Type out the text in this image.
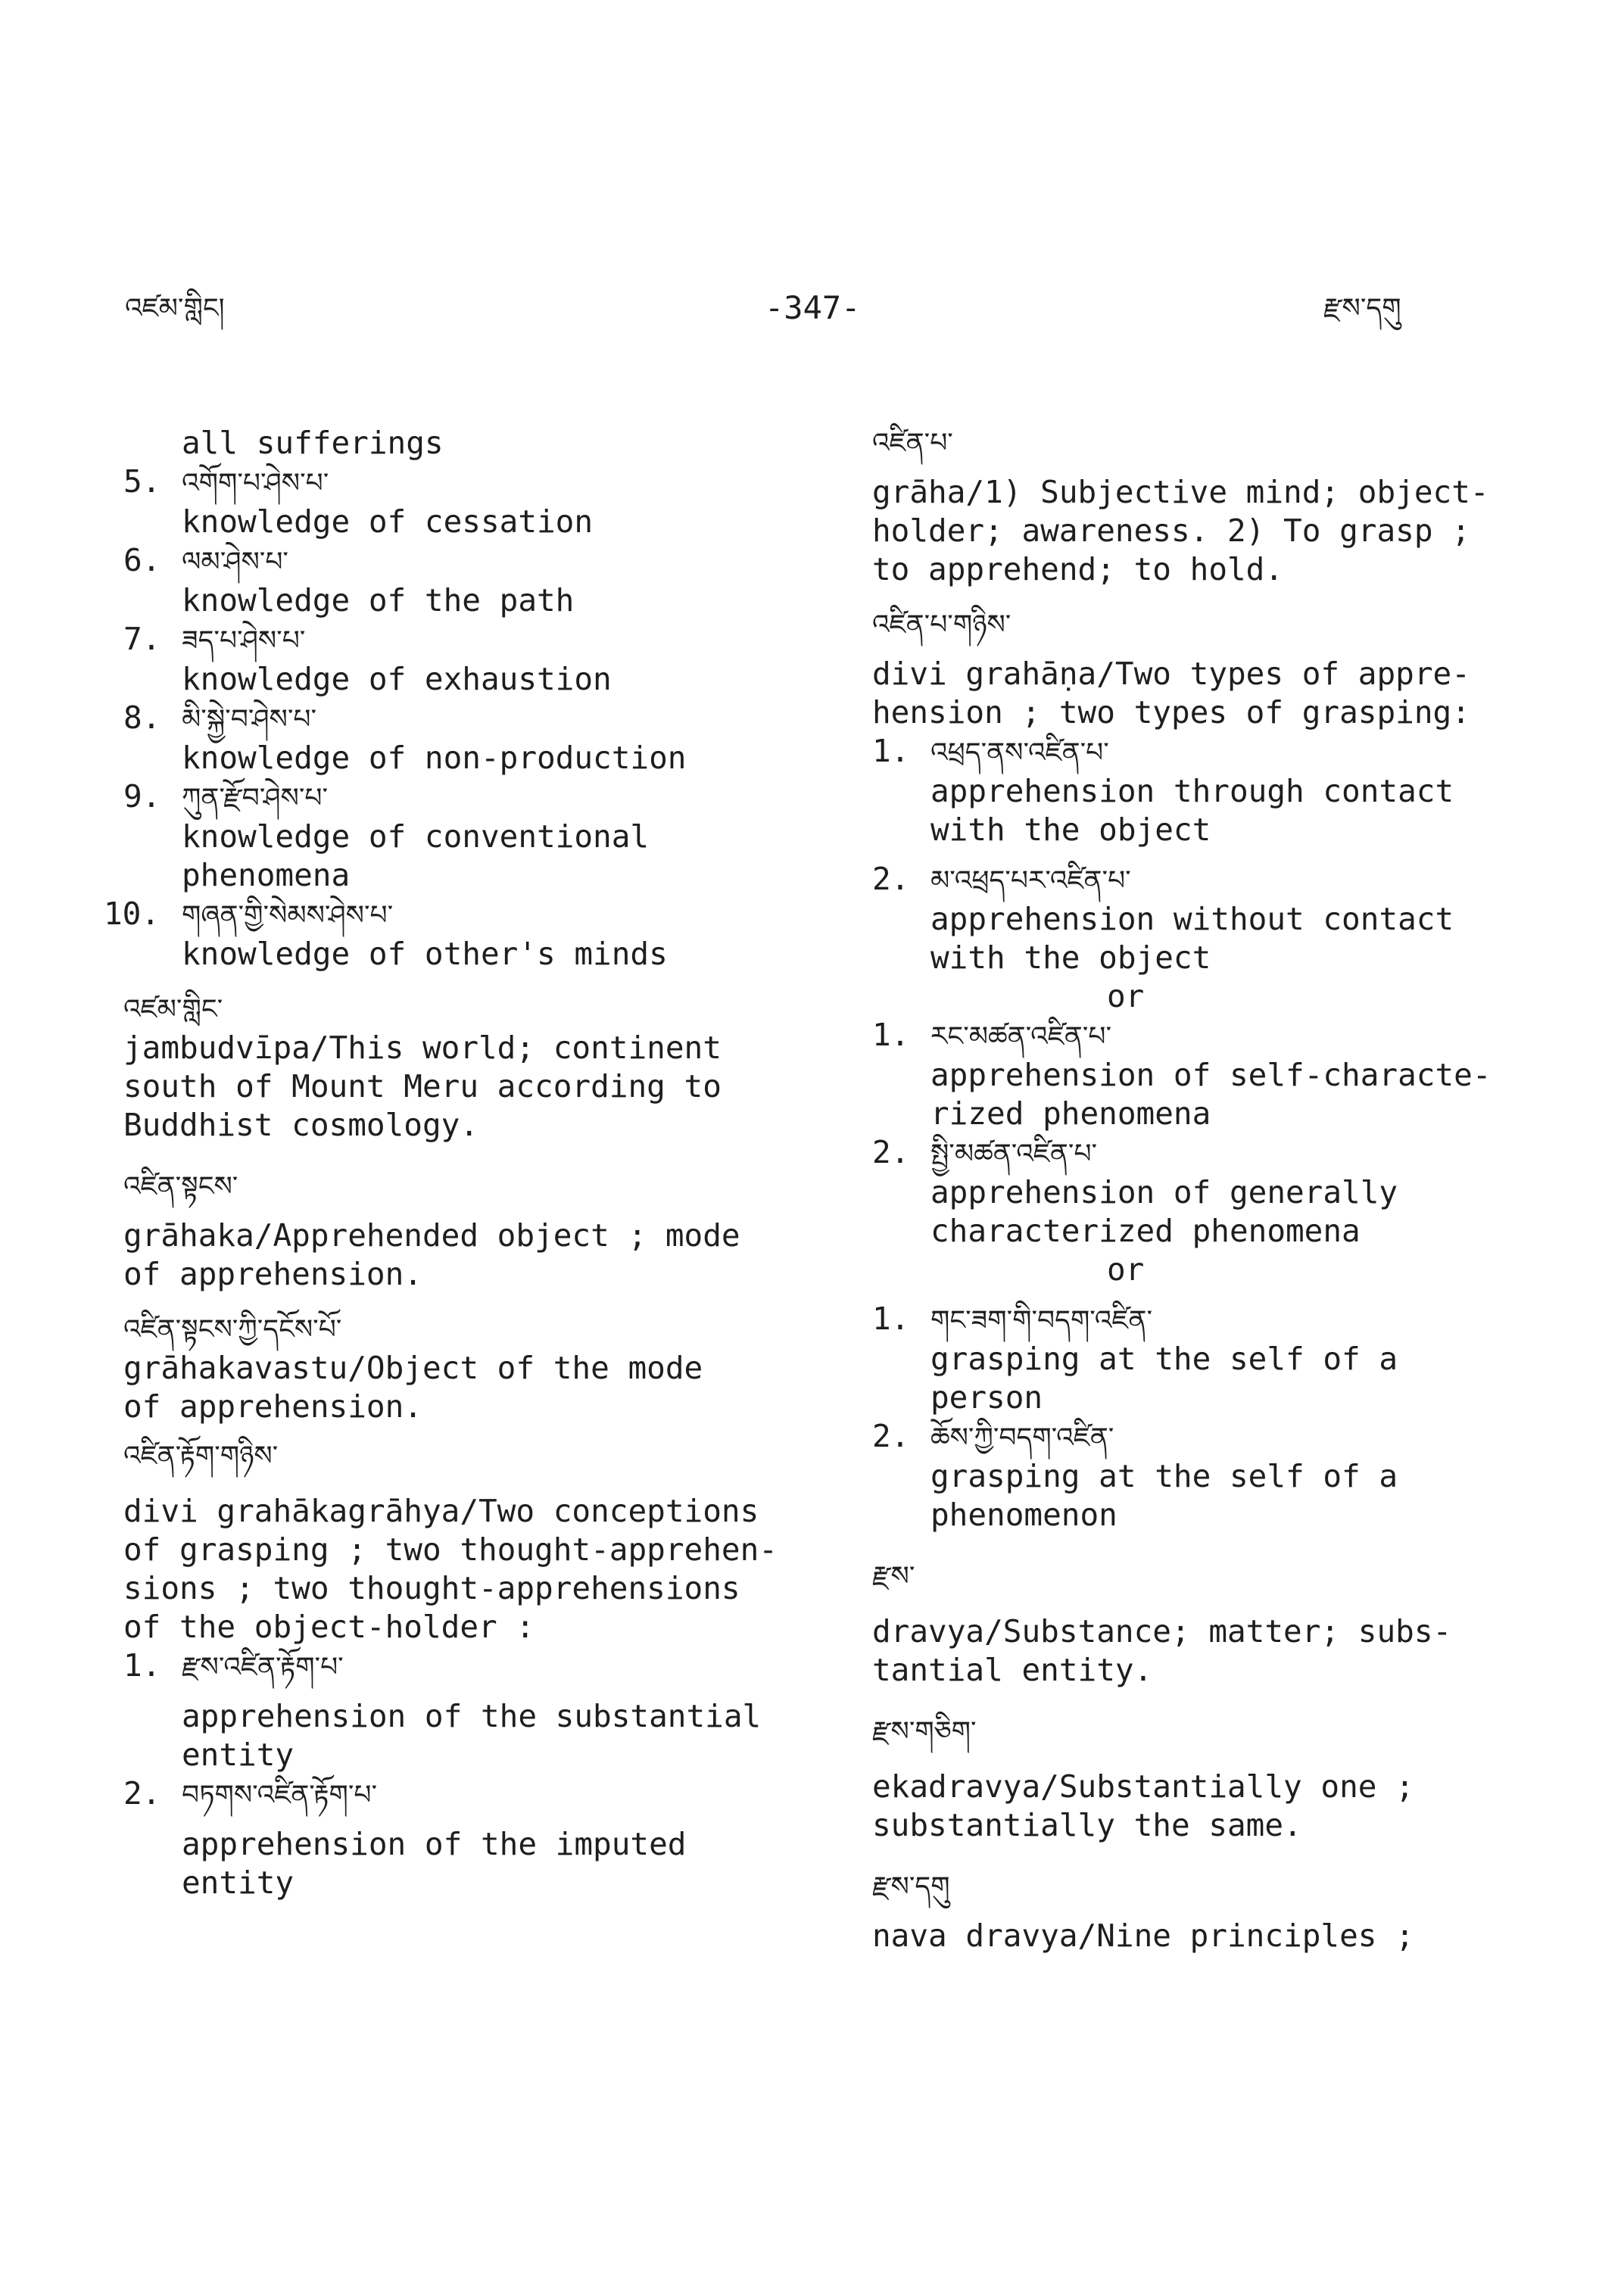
འཛམ་གླིང།	-347-	རྫས་དགུ
all sufferings
5. འགོག་པ་ཤེས་པ་
knowledge of cessation
6. ལམ་ཤེས་པ་
knowledge of the path
7. ཟད་པ་ཤེས་པ་
knowledge of exhaustion
8. མི་སྐྱེ་བ་ཤེས་པ་
knowledge of non-production
9. ཀུན་རྫོབ་ཤེས་པ་
knowledge of conventional
phenomena
10. གཞན་གྱི་སེམས་ཤེས་པ་
knowledge of other's minds
འཛམ་གླིང་
jambudvīpa/This world; continent
south of Mount Meru according to
Buddhist cosmology.
འཛིན་སྟངས་
grāhaka/Apprehended object ; mode
of apprehension.
འཛིན་སྟངས་ཀྱི་དངོས་པོ་
grāhakavastu/Object of the mode
of apprehension.
འཛིན་རྟོག་གཉིས་
divi grahākagrāhya/Two conceptions
of grasping ; two thought-apprehen-
sions ; two thought-apprehensions
of the object-holder :
1. རྫས་འཛིན་རྟོག་པ་
apprehension of the substantial
entity
2. བཏགས་འཛིན་རྟོག་པ་
apprehension of the imputed
entity
འཛིན་པ་
grāha/1) Subjective mind; object-
holder; awareness. 2) To grasp ;
to apprehend; to hold.
འཛིན་པ་གཉིས་
divi grahāṇa/Two types of appre-
hension ; two types of grasping:
1. འཕྲད་ནས་འཛིན་པ་
apprehension through contact
with the object
2. མ་འཕྲད་པར་འཛིན་པ་
apprehension without contact
with the object
or
1. རང་མཚན་འཛིན་པ་
apprehension of self-characte-
rized phenomena
2. སྤྱི་མཚན་འཛིན་པ་
apprehension of generally
characterized phenomena
or
1. གང་ཟག་གི་བདག་འཛིན་
grasping at the self of a
person
2. ཆོས་ཀྱི་བདག་འཛིན་
grasping at the self of a
phenomenon
རྫས་
dravya/Substance; matter; subs-
tantial entity.
རྫས་གཅིག་
ekadravya/Substantially one ;
substantially the same.
རྫས་དགུ
nava dravya/Nine principles ;
